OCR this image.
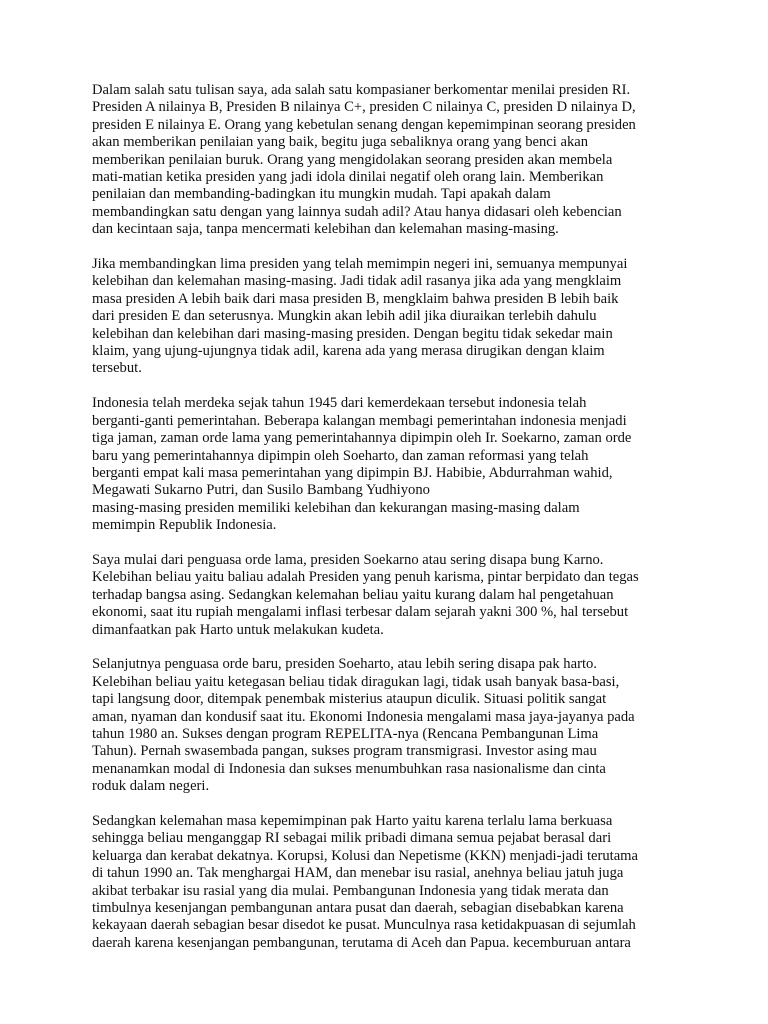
Dalam salah satu tulisan saya, ada salah satu kompasianer berkomentar menilai presiden RI.
Presiden A nilainya B, Presiden B nilainya C+, presiden C nilainya C, presiden D nilainya D,
presiden E nilainya E. Orang yang kebetulan senang dengan kepemimpinan seorang presiden
akan memberikan penilaian yang baik, begitu juga sebaliknya orang yang benci akan
memberikan penilaian buruk. Orang yang mengidolakan seorang presiden akan membela
mati-matian ketika presiden yang jadi idola dinilai negatif oleh orang lain. Memberikan
penilaian dan membanding-badingkan itu mungkin mudah. Tapi apakah dalam
membandingkan satu dengan yang lainnya sudah adil? Atau hanya didasari oleh kebencian
dan kecintaan saja, tanpa mencermati kelebihan dan kelemahan masing-masing.

Jika membandingkan lima presiden yang telah memimpin negeri ini, semuanya mempunyai
kelebihan dan kelemahan masing-masing. Jadi tidak adil rasanya jika ada yang mengklaim
masa presiden A lebih baik dari masa presiden B, mengklaim bahwa presiden B lebih baik
dari presiden E dan seterusnya. Mungkin akan lebih adil jika diuraikan terlebih dahulu
kelebihan dan kelebihan dari masing-masing presiden. Dengan begitu tidak sekedar main
klaim, yang ujung-ujungnya tidak adil, karena ada yang merasa dirugikan dengan klaim
tersebut.

Indonesia telah merdeka sejak tahun 1945 dari kemerdekaan tersebut indonesia telah
berganti-ganti pemerintahan. Beberapa kalangan membagi pemerintahan indonesia menjadi
tiga jaman, zaman orde lama yang pemerintahannya dipimpin oleh Ir. Soekarno, zaman orde
baru yang pemerintahannya dipimpin oleh Soeharto, dan zaman reformasi yang telah
berganti empat kali masa pemerintahan yang dipimpin BJ. Habibie, Abdurrahman wahid,
Megawati Sukarno Putri, dan Susilo Bambang Yudhiyono
masing-masing presiden memiliki kelebihan dan kekurangan masing-masing dalam
memimpin Republik Indonesia.

Saya mulai dari penguasa orde lama, presiden Soekarno atau sering disapa bung Karno.
Kelebihan beliau yaitu baliau adalah Presiden yang penuh karisma, pintar berpidato dan tegas
terhadap bangsa asing. Sedangkan kelemahan beliau yaitu kurang dalam hal pengetahuan
ekonomi, saat itu rupiah mengalami inflasi terbesar dalam sejarah yakni 300 %, hal tersebut
dimanfaatkan pak Harto untuk melakukan kudeta.

Selanjutnya penguasa orde baru, presiden Soeharto, atau lebih sering disapa pak harto.
Kelebihan beliau yaitu ketegasan beliau tidak diragukan lagi, tidak usah banyak basa-basi,
tapi langsung door, ditempak penembak misterius ataupun diculik. Situasi politik sangat
aman, nyaman dan kondusif saat itu. Ekonomi Indonesia mengalami masa jaya-jayanya pada
tahun 1980 an. Sukses dengan program REPELITA-nya (Rencana Pembangunan Lima
Tahun). Pernah swasembada pangan, sukses program transmigrasi. Investor asing mau
menanamkan modal di Indonesia dan sukses menumbuhkan rasa nasionalisme dan cinta
roduk dalam negeri.

Sedangkan kelemahan masa kepemimpinan pak Harto yaitu karena terlalu lama berkuasa
sehingga beliau menganggap RI sebagai milik pribadi dimana semua pejabat berasal dari
keluarga dan kerabat dekatnya. Korupsi, Kolusi dan Nepetisme (KKN) menjadi-jadi terutama
di tahun 1990 an. Tak menghargai HAM, dan menebar isu rasial, anehnya beliau jatuh juga
akibat terbakar isu rasial yang dia mulai. Pembangunan Indonesia yang tidak merata dan
timbulnya kesenjangan pembangunan antara pusat dan daerah, sebagian disebabkan karena
kekayaan daerah sebagian besar disedot ke pusat. Munculnya rasa ketidakpuasan di sejumlah
daerah karena kesenjangan pembangunan, terutama di Aceh dan Papua. kecemburuan antara
